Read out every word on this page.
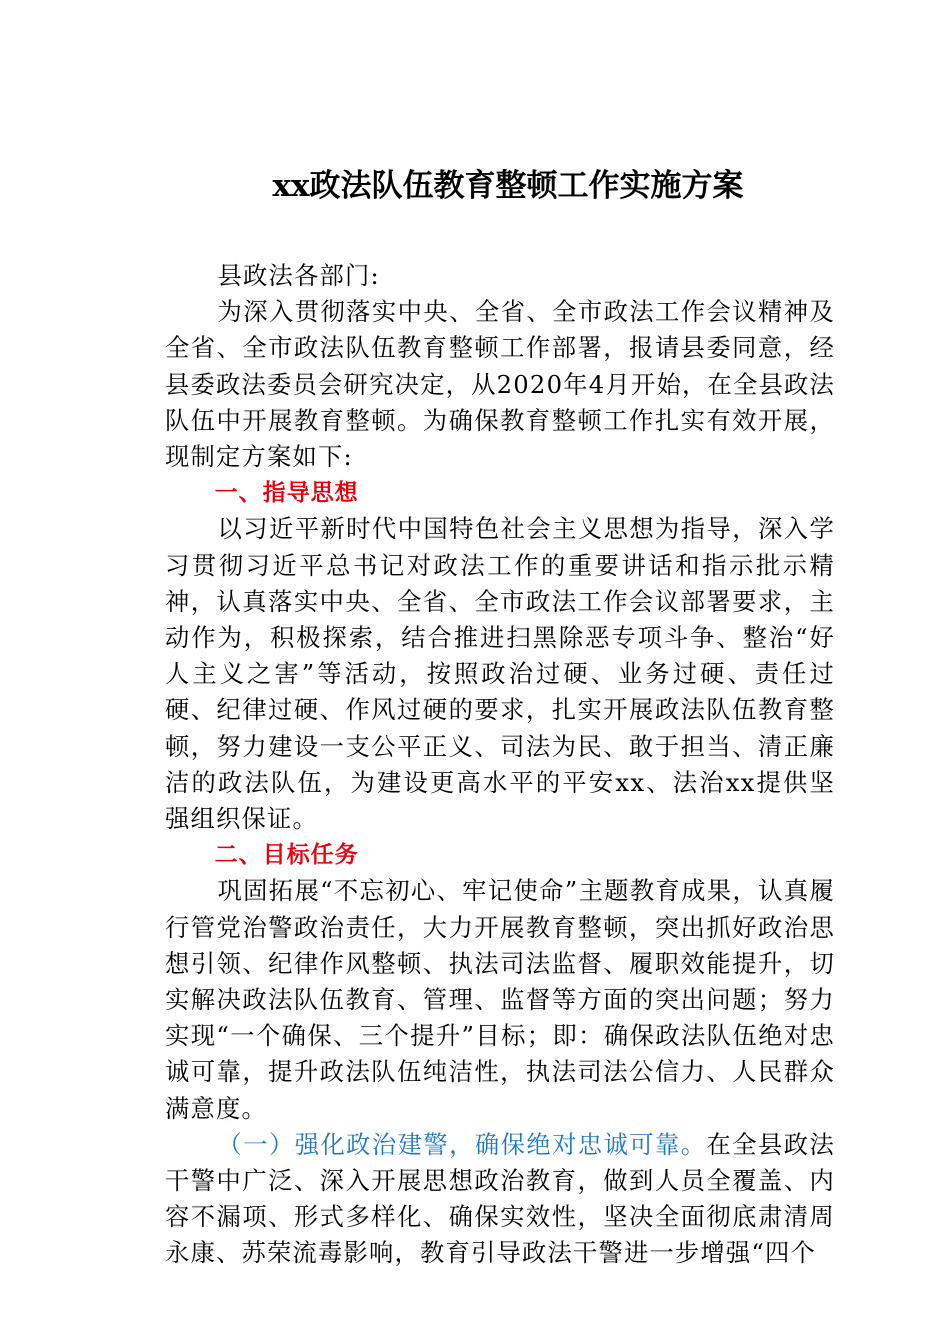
xx政法队伍教育整顿工作实施方案

县政法各部门:

为深入贯彻落实中央、全省、全市政法工作会议精神及全省、全市政法队伍教育整顿工作部署，报请县委同意，经县委政法委员会研究决定，从2020年4月开始，在全县政法队伍中开展教育整顿。为确保教育整顿工作扎实有效开展，现制定方案如下:

一、指导思想

以习近平新时代中国特色社会主义思想为指导，深入学习贯彻习近平总书记对政法工作的重要讲话和指示批示精神，认真落实中央、全省、全市政法工作会议部署要求，主动作为，积极探索，结合推进扫黑除恶专项斗争、整治“好人主义之害”等活动，按照政治过硬、业务过硬、责任过硬、纪律过硬、作风过硬的要求，扎实开展政法队伍教育整顿，努力建设一支公平正义、司法为民、敢于担当、清正廉洁的政法队伍，为建设更高水平的平安xx、法治xx提供坚强组织保证。

二、目标任务

巩固拓展“不忘初心、牢记使命”主题教育成果，认真履行管党治警政治责任，大力开展教育整顿，突出抓好政治思想引领、纪律作风整顿、执法司法监督、履职效能提升，切实解决政法队伍教育、管理、监督等方面的突出问题；努力实现“一个确保、三个提升”目标；即：确保政法队伍绝对忠诚可靠，提升政法队伍纯洁性，执法司法公信力、人民群众满意度。

（一）强化政治建警，确保绝对忠诚可靠。在全县政法干警中广泛、深入开展思想政治教育，做到人员全覆盖、内容不漏项、形式多样化、确保实效性，坚决全面彻底肃清周永康、苏荣流毒影响，教育引导政法干警进一步增强“四个
